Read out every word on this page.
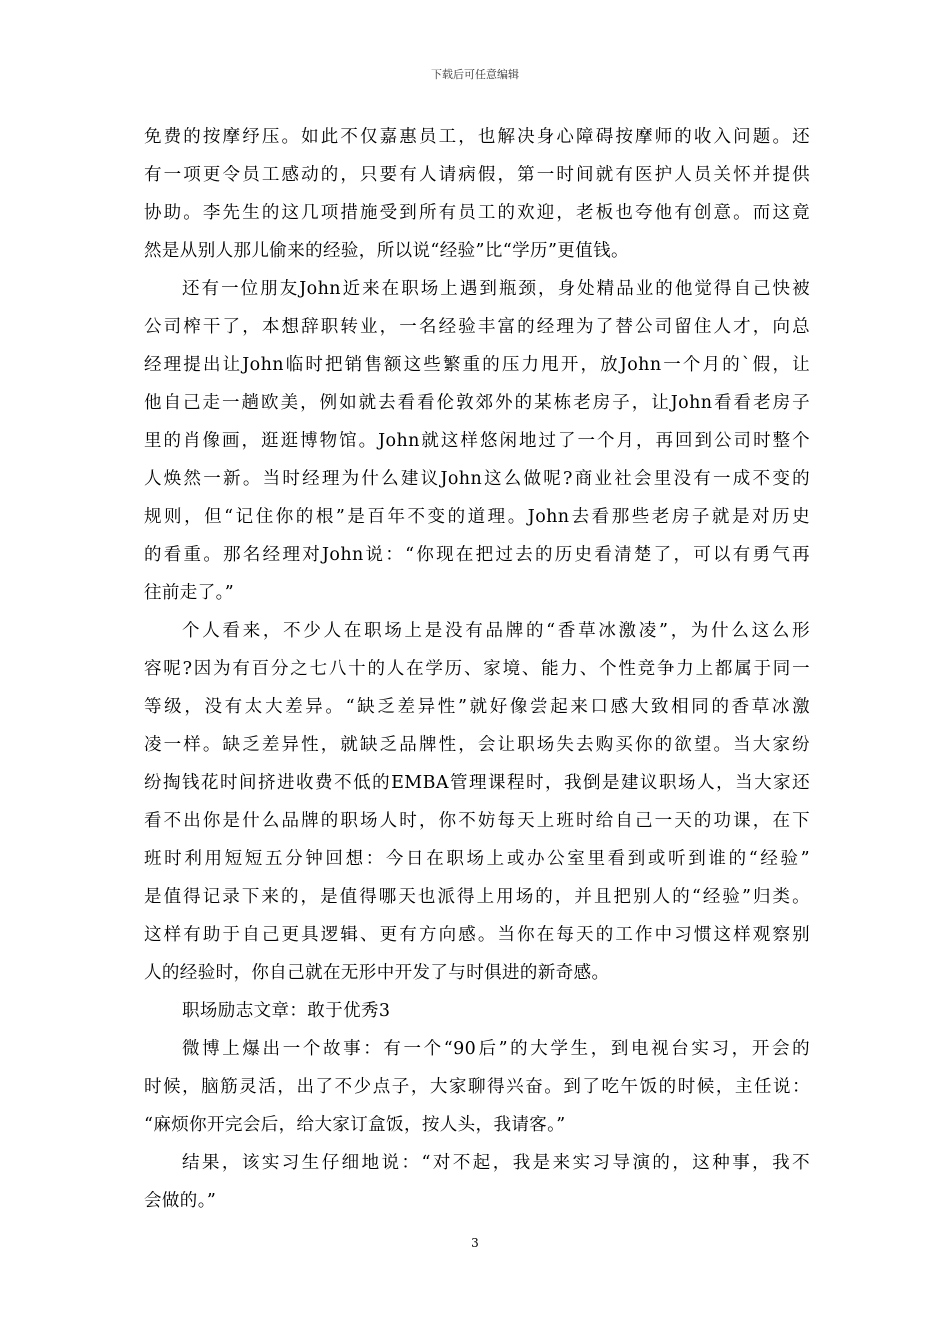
下载后可任意编辑
免费的按摩纾压。如此不仅嘉惠员工，也解决身心障碍按摩师的收入问题。还
有一项更令员工感动的，只要有人请病假，第一时间就有医护人员关怀并提供
协助。李先生的这几项措施受到所有员工的欢迎，老板也夸他有创意。而这竟
然是从别人那儿偷来的经验，所以说“经验”比“学历”更值钱。
还有一位朋友John近来在职场上遇到瓶颈，身处精品业的他觉得自己快被
公司榨干了，本想辞职转业，一名经验丰富的经理为了替公司留住人才，向总
经理提出让John临时把销售额这些繁重的压力甩开，放John一个月的`假，让
他自己走一趟欧美，例如就去看看伦敦郊外的某栋老房子，让John看看老房子
里的肖像画，逛逛博物馆。John就这样悠闲地过了一个月，再回到公司时整个
人焕然一新。当时经理为什么建议John这么做呢?商业社会里没有一成不变的
规则，但“记住你的根”是百年不变的道理。John去看那些老房子就是对历史
的看重。那名经理对John说：“你现在把过去的历史看清楚了，可以有勇气再
往前走了。”
个人看来，不少人在职场上是没有品牌的“香草冰激凌”，为什么这么形
容呢?因为有百分之七八十的人在学历、家境、能力、个性竞争力上都属于同一
等级，没有太大差异。“缺乏差异性”就好像尝起来口感大致相同的香草冰激
凌一样。缺乏差异性，就缺乏品牌性，会让职场失去购买你的欲望。当大家纷
纷掏钱花时间挤进收费不低的EMBA管理课程时，我倒是建议职场人，当大家还
看不出你是什么品牌的职场人时，你不妨每天上班时给自己一天的功课，在下
班时利用短短五分钟回想：今日在职场上或办公室里看到或听到谁的“经验”
是值得记录下来的，是值得哪天也派得上用场的，并且把别人的“经验”归类。
这样有助于自己更具逻辑、更有方向感。当你在每天的工作中习惯这样观察别
人的经验时，你自己就在无形中开发了与时俱进的新奇感。
职场励志文章：敢于优秀3
微博上爆出一个故事：有一个“90后”的大学生，到电视台实习，开会的
时候，脑筋灵活，出了不少点子，大家聊得兴奋。到了吃午饭的时候，主任说：
“麻烦你开完会后，给大家订盒饭，按人头，我请客。”
结果，该实习生仔细地说：“对不起，我是来实习导演的，这种事，我不
会做的。”
3
